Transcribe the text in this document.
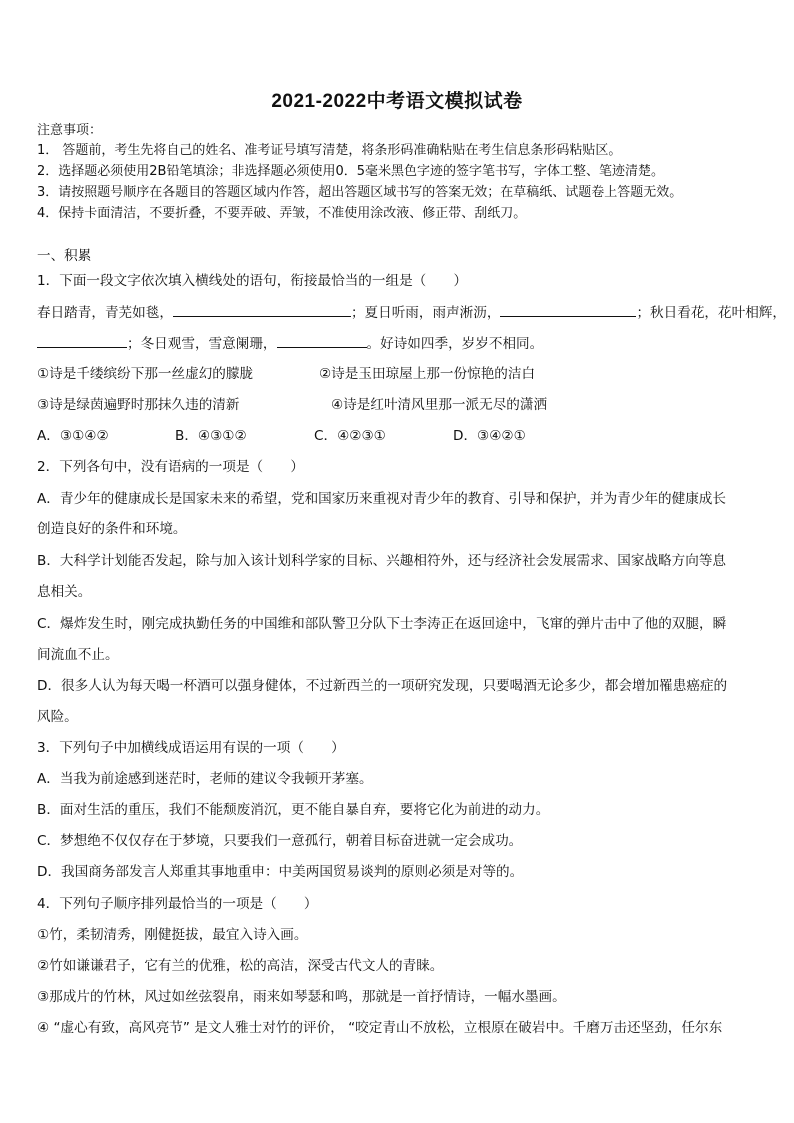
2021-2022中考语文模拟试卷
注意事项：
1． 答题前，考生先将自己的姓名、准考证号填写清楚，将条形码准确粘贴在考生信息条形码粘贴区。
2．选择题必须使用2B铅笔填涂；非选择题必须使用0．5毫米黑色字迹的签字笔书写，字体工整、笔迹清楚。
3．请按照题号顺序在各题目的答题区域内作答，超出答题区域书写的答案无效；在草稿纸、试题卷上答题无效。
4．保持卡面清洁，不要折叠，不要弄破、弄皱，不准使用涂改液、修正带、刮纸刀。
一、积累
1．下面一段文字依次填入横线处的语句，衔接最恰当的一组是（　　）
春日踏青，青芜如毯，	；夏日听雨，雨声淅沥，	；秋日看花，花叶相辉，
；冬日观雪，雪意阑珊，	。好诗如四季，岁岁不相同。
①诗是千缕缤纷下那一丝虚幻的朦胧	②诗是玉田琼屋上那一份惊艳的洁白
③诗是绿茵遍野时那抹久违的清新	④诗是红叶清风里那一派无尽的潇洒
A．③①④②	B．④③①②	C．④②③①	D．③④②①
2．下列各句中，没有语病的一项是（　　）
A．青少年的健康成长是国家未来的希望，党和国家历来重视对青少年的教育、引导和保护，并为青少年的健康成长
创造良好的条件和环境。
B．大科学计划能否发起，除与加入该计划科学家的目标、兴趣相符外，还与经济社会发展需求、国家战略方向等息
息相关。
C．爆炸发生时，刚完成执勤任务的中国维和部队警卫分队下士李涛正在返回途中，飞窜的弹片击中了他的双腿，瞬
间流血不止。
D．很多人认为每天喝一杯酒可以强身健体，不过新西兰的一项研究发现，只要喝酒无论多少，都会增加罹患癌症的
风险。
3．下列句子中加横线成语运用有误的一项（　　）
A．当我为前途感到迷茫时，老师的建议令我顿开茅塞。
B．面对生活的重压，我们不能颓废消沉，更不能自暴自弃，要将它化为前进的动力。
C．梦想绝不仅仅存在于梦境，只要我们一意孤行，朝着目标奋进就一定会成功。
D．我国商务部发言人郑重其事地重申：中美两国贸易谈判的原则必须是对等的。
4．下列句子顺序排列最恰当的一项是（　　）
①竹，柔韧清秀，刚健挺拔，最宜入诗入画。
②竹如谦谦君子，它有兰的优雅，松的高洁，深受古代文人的青睐。
③那成片的竹林，风过如丝弦裂帛，雨来如琴瑟和鸣，那就是一首抒情诗，一幅水墨画。
④ “虚心有致，高风亮节” 是文人雅士对竹的评价， “咬定青山不放松，立根原在破岩中。千磨万击还坚劲，任尔东
